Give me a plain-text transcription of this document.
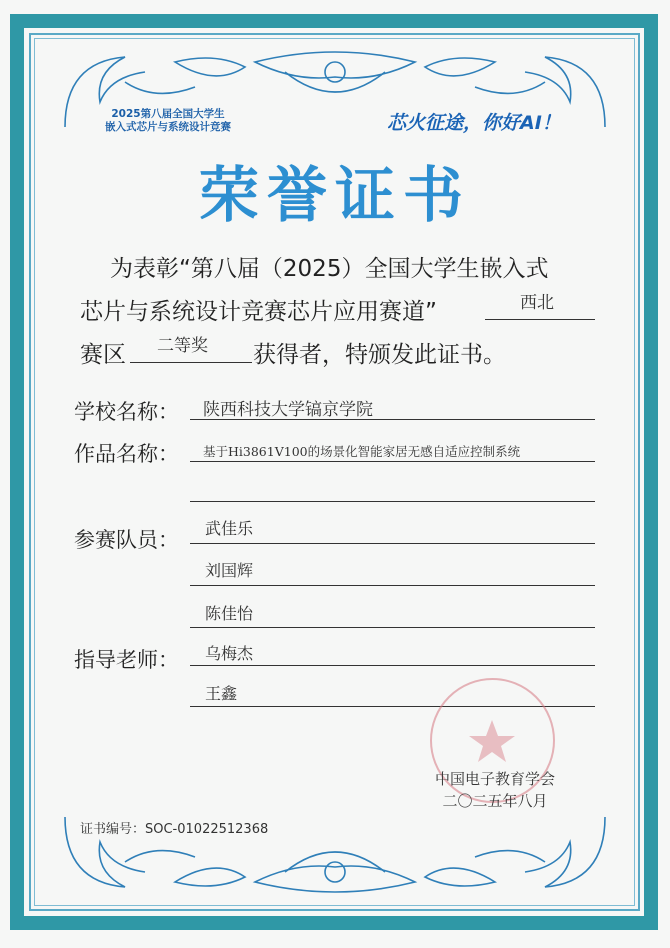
2025第八届全国大学生
嵌入式芯片与系统设计竞赛	芯火征途，你好AI！
荣誉证书
为表彰“第八届（2025）全国大学生嵌入式
芯片与系统设计竞赛芯片应用赛道”	西北
赛区 二等奖 获得者，特颁发此证书。
学校名称： 陕西科技大学镐京学院
作品名称： 基于Hi3861V100的场景化智能家居无感自适应控制系统
参赛队员： 武佳乐
刘国辉
陈佳怡
指导老师： 乌梅杰
王鑫
中国电子教育学会
二〇二五年八月
证书编号：SOC-01022512368
